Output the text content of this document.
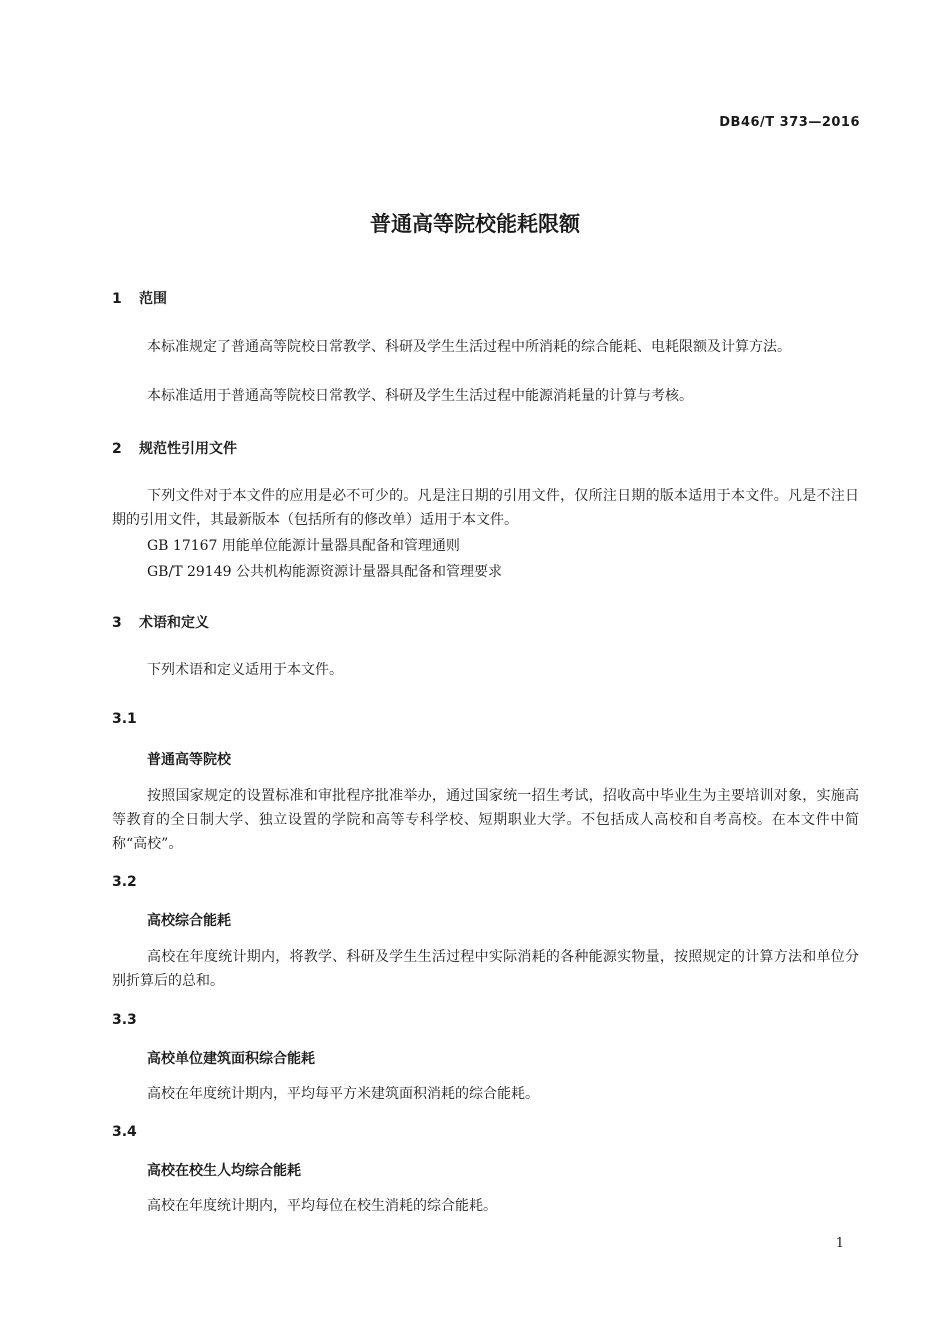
DB46/T 373—2016
普通高等院校能耗限额
1 范围
本标准规定了普通高等院校日常教学、科研及学生生活过程中所消耗的综合能耗、电耗限额及计算方法。
本标准适用于普通高等院校日常教学、科研及学生生活过程中能源消耗量的计算与考核。
2 规范性引用文件
下列文件对于本文件的应用是必不可少的。凡是注日期的引用文件，仅所注日期的版本适用于本文件。凡是不注日期的引用文件，其最新版本（包括所有的修改单）适用于本文件。
GB 17167 用能单位能源计量器具配备和管理通则
GB/T 29149 公共机构能源资源计量器具配备和管理要求
3 术语和定义
下列术语和定义适用于本文件。
3.1
普通高等院校
按照国家规定的设置标准和审批程序批准举办，通过国家统一招生考试，招收高中毕业生为主要培训对象，实施高等教育的全日制大学、独立设置的学院和高等专科学校、短期职业大学。不包括成人高校和自考高校。在本文件中简称“高校”。
3.2
高校综合能耗
高校在年度统计期内，将教学、科研及学生生活过程中实际消耗的各种能源实物量，按照规定的计算方法和单位分别折算后的总和。
3.3
高校单位建筑面积综合能耗
高校在年度统计期内，平均每平方米建筑面积消耗的综合能耗。
3.4
高校在校生人均综合能耗
高校在年度统计期内，平均每位在校生消耗的综合能耗。
1
